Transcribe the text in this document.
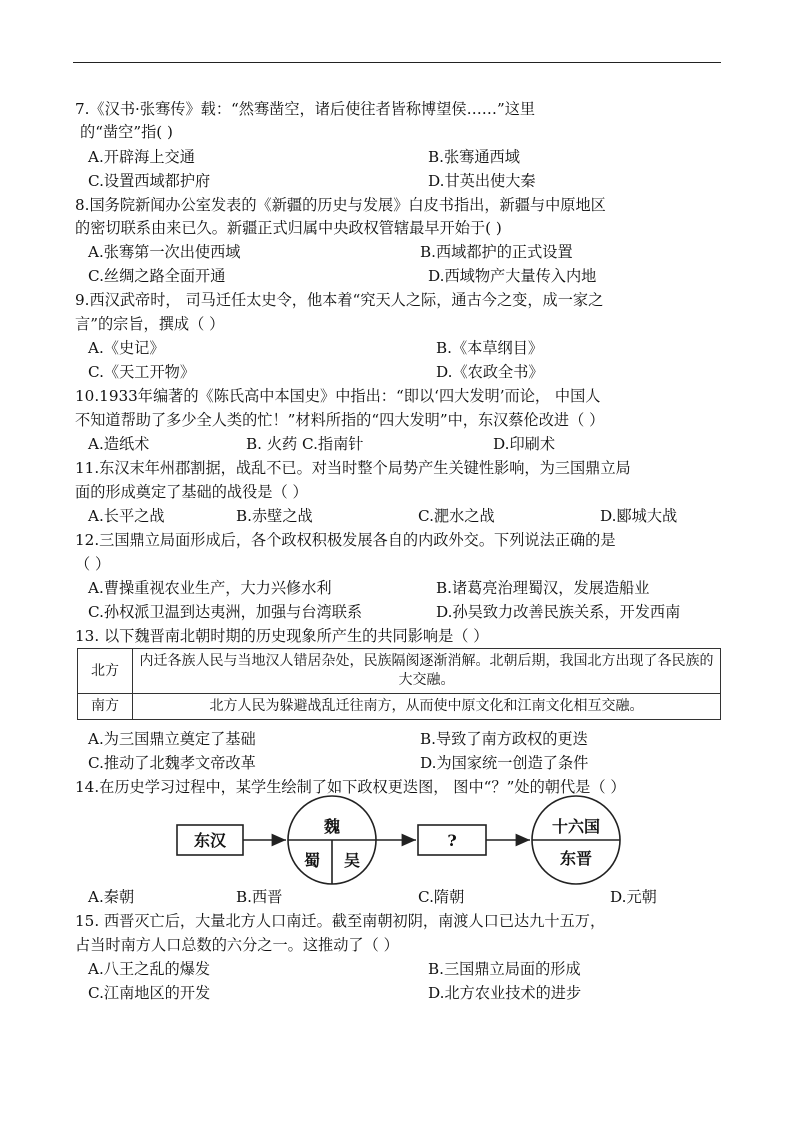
7.《汉书·张骞传》载：“然骞凿空，诸后使往者皆称博望侯……”这里
的“凿空”指( )
A.开辟海上交通	B.张骞通西域
C.设置西域都护府	D.甘英出使大秦
8.国务院新闻办公室发表的《新疆的历史与发展》白皮书指出，新疆与中原地区
的密切联系由来已久。新疆正式归属中央政权管辖最早开始于( )
A.张骞第一次出使西域	B.西域都护的正式设置
C.丝绸之路全面开通	D.西域物产大量传入内地
9.西汉武帝时， 司马迁任太史令，他本着“究天人之际，通古今之变，成一家之
言”的宗旨，撰成（ ）
A.《史记》	B.《本草纲目》
C.《天工开物》	D.《农政全书》
10.1933年编著的《陈氏高中本国史》中指出：“即以‘四大发明’而论， 中国人
不知道帮助了多少全人类的忙！”材料所指的“四大发明”中，东汉蔡伦改进（ ）
A.造纸术	B. 火药 C.指南针	D.印刷术
11.东汉末年州郡割据，战乱不已。对当时整个局势产生关键性影响，为三国鼎立局
面的形成奠定了基础的战役是（ ）
A.长平之战	B.赤壁之战	C.淝水之战	D.郾城大战
12.三国鼎立局面形成后，各个政权积极发展各自的内政外交。下列说法正确的是
（ ）
A.曹操重视农业生产，大力兴修水利	B.诸葛亮治理蜀汉，发展造船业
C.孙权派卫温到达夷洲，加强与台湾联系	D.孙吴致力改善民族关系，开发西南
13. 以下魏晋南北朝时期的历史现象所产生的共同影响是（ ）
北方	内迁各族人民与当地汉人错居杂处，民族隔阂逐渐消解。北朝后期，我国北方出现了各民族的大交融。
南方	北方人民为躲避战乱迁往南方，从而使中原文化和江南文化相互交融。
A.为三国鼎立奠定了基础	B.导致了南方政权的更迭
C.推动了北魏孝文帝改革	D.为国家统一创造了条件
14.在历史学习过程中，某学生绘制了如下政权更迭图， 图中“？”处的朝代是（ ）
东汉
魏
蜀 吴
?
十六国
东晋
A.秦朝	B.西晋	C.隋朝	D.元朝
15. 西晋灭亡后，大量北方人口南迁。截至南朝初阴，南渡人口已达九十五万，
占当时南方人口总数的六分之一。这推动了（ ）
A.八王之乱的爆发	B.三国鼎立局面的形成
C.江南地区的开发	D.北方农业技术的进步
